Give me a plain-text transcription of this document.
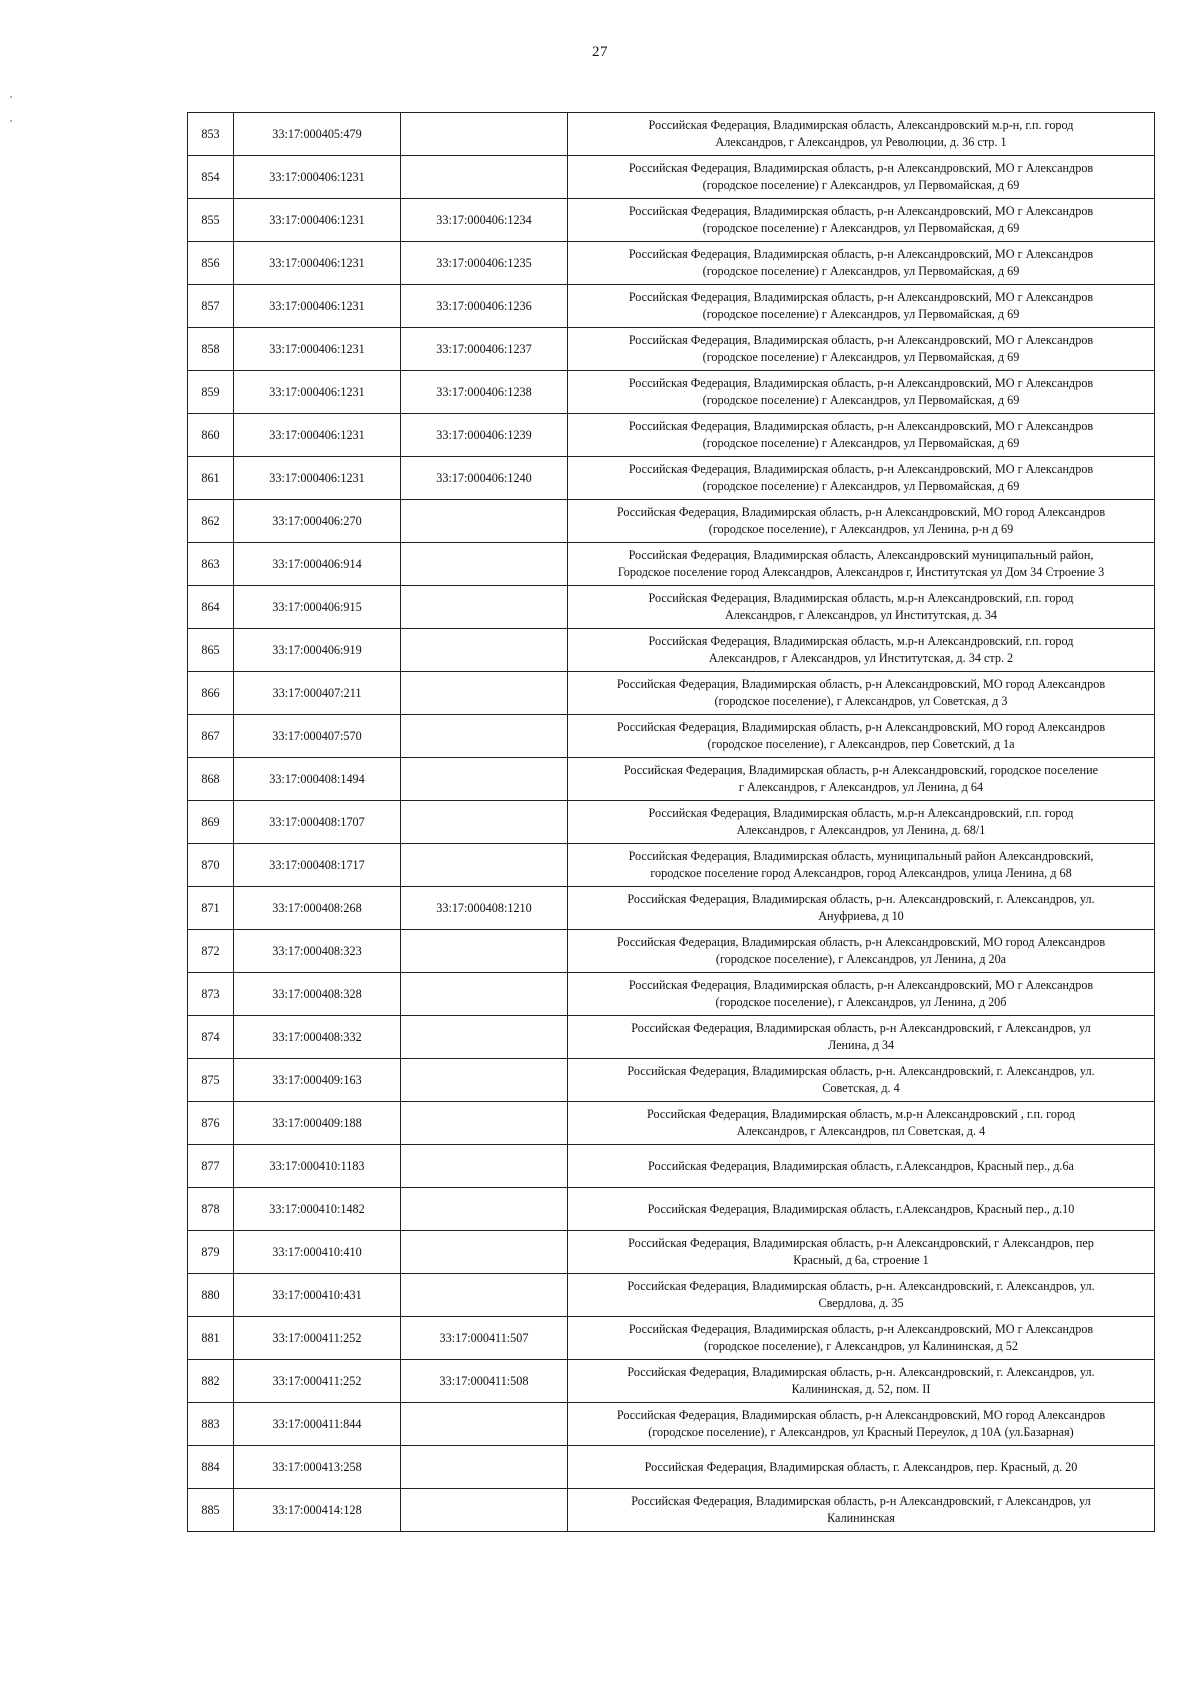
27
853	33:17:000405:479		Российская Федерация, Владимирская область, Александровский м.р-н, г.п. город
Александров, г Александров, ул Революции, д. 36 стр. 1

854	33:17:000406:1231		Российская Федерация, Владимирская область, р-н Александровский, МО г Александров
(городское поселение) г Александров, ул Первомайская, д 69

855	33:17:000406:1231	33:17:000406:1234	Российская Федерация, Владимирская область, р-н Александровский, МО г Александров
(городское поселение) г Александров, ул Первомайская, д 69

856	33:17:000406:1231	33:17:000406:1235	Российская Федерация, Владимирская область, р-н Александровский, МО г Александров
(городское поселение) г Александров, ул Первомайская, д 69

857	33:17:000406:1231	33:17:000406:1236	Российская Федерация, Владимирская область, р-н Александровский, МО г Александров
(городское поселение) г Александров, ул Первомайская, д 69

858	33:17:000406:1231	33:17:000406:1237	Российская Федерация, Владимирская область, р-н Александровский, МО г Александров
(городское поселение) г Александров, ул Первомайская, д 69

859	33:17:000406:1231	33:17:000406:1238	Российская Федерация, Владимирская область, р-н Александровский, МО г Александров
(городское поселение) г Александров, ул Первомайская, д 69

860	33:17:000406:1231	33:17:000406:1239	Российская Федерация, Владимирская область, р-н Александровский, МО г Александров
(городское поселение) г Александров, ул Первомайская, д 69

861	33:17:000406:1231	33:17:000406:1240	Российская Федерация, Владимирская область, р-н Александровский, МО г Александров
(городское поселение) г Александров, ул Первомайская, д 69

862	33:17:000406:270		Российская Федерация, Владимирская область, р-н Александровский, МО город Александров
(городское поселение), г Александров, ул Ленина, р-н д 69

863	33:17:000406:914		Российская Федерация, Владимирская область, Александровский муниципальный район,
Городское поселение город Александров, Александров г, Институтская ул Дом 34 Строение 3

864	33:17:000406:915		Российская Федерация, Владимирская область, м.р-н Александровский, г.п. город
Александров, г Александров, ул Институтская, д. 34

865	33:17:000406:919		Российская Федерация, Владимирская область, м.р-н Александровский, г.п. город
Александров, г Александров, ул Институтская, д. 34 стр. 2

866	33:17:000407:211		Российская Федерация, Владимирская область, р-н Александровский, МО город Александров
(городское поселение), г Александров, ул Советская, д 3

867	33:17:000407:570		Российская Федерация, Владимирская область, р-н Александровский, МО город Александров
(городское поселение), г Александров, пер Советский, д 1а

868	33:17:000408:1494		Российская Федерация, Владимирская область, р-н Александровский, городское поселение
г Александров, г Александров, ул Ленина, д 64

869	33:17:000408:1707		Российская Федерация, Владимирская область, м.р-н Александровский, г.п. город
Александров, г Александров, ул Ленина, д. 68/1

870	33:17:000408:1717		Российская Федерация, Владимирская область, муниципальный район Александровский,
городское поселение город Александров, город Александров, улица Ленина, д 68

871	33:17:000408:268	33:17:000408:1210	Российская Федерация, Владимирская область, р-н. Александровский, г. Александров, ул.
Ануфриева, д 10

872	33:17:000408:323		Российская Федерация, Владимирская область, р-н Александровский, МО город Александров
(городское поселение), г Александров, ул Ленина, д 20а

873	33:17:000408:328		Российская Федерация, Владимирская область, р-н Александровский, МО г Александров
(городское поселение), г Александров, ул Ленина, д 20б

874	33:17:000408:332		Российская Федерация, Владимирская область, р-н Александровский, г Александров, ул
Ленина, д 34

875	33:17:000409:163		Российская Федерация, Владимирская область, р-н. Александровский, г. Александров, ул.
Советская, д. 4

876	33:17:000409:188		Российская Федерация, Владимирская область, м.р-н Александровский , г.п. город
Александров, г Александров, пл Советская, д. 4

877	33:17:000410:1183		Российская Федерация, Владимирская область, г.Александров, Красный пер., д.6а

878	33:17:000410:1482		Российская Федерация, Владимирская область, г.Александров, Красный пер., д.10

879	33:17:000410:410		Российская Федерация, Владимирская область, р-н Александровский, г Александров, пер
Красный, д 6а, строение 1

880	33:17:000410:431		Российская Федерация, Владимирская область, р-н. Александровский, г. Александров, ул.
Свердлова, д. 35

881	33:17:000411:252	33:17:000411:507	Российская Федерация, Владимирская область, р-н Александровский, МО г Александров
(городское поселение), г Александров, ул Калининская, д 52

882	33:17:000411:252	33:17:000411:508	Российская Федерация, Владимирская область, р-н. Александровский, г. Александров, ул.
Калининская, д. 52, пом. II

883	33:17:000411:844		Российская Федерация, Владимирская область, р-н Александровский, МО город Александров
(городское поселение), г Александров, ул Красный Переулок, д 10А (ул.Базарная)

884	33:17:000413:258		Российская Федерация, Владимирская область, г. Александров, пер. Красный, д. 20

885	33:17:000414:128		Российская Федерация, Владимирская область, р-н Александровский, г Александров, ул
Калининская
